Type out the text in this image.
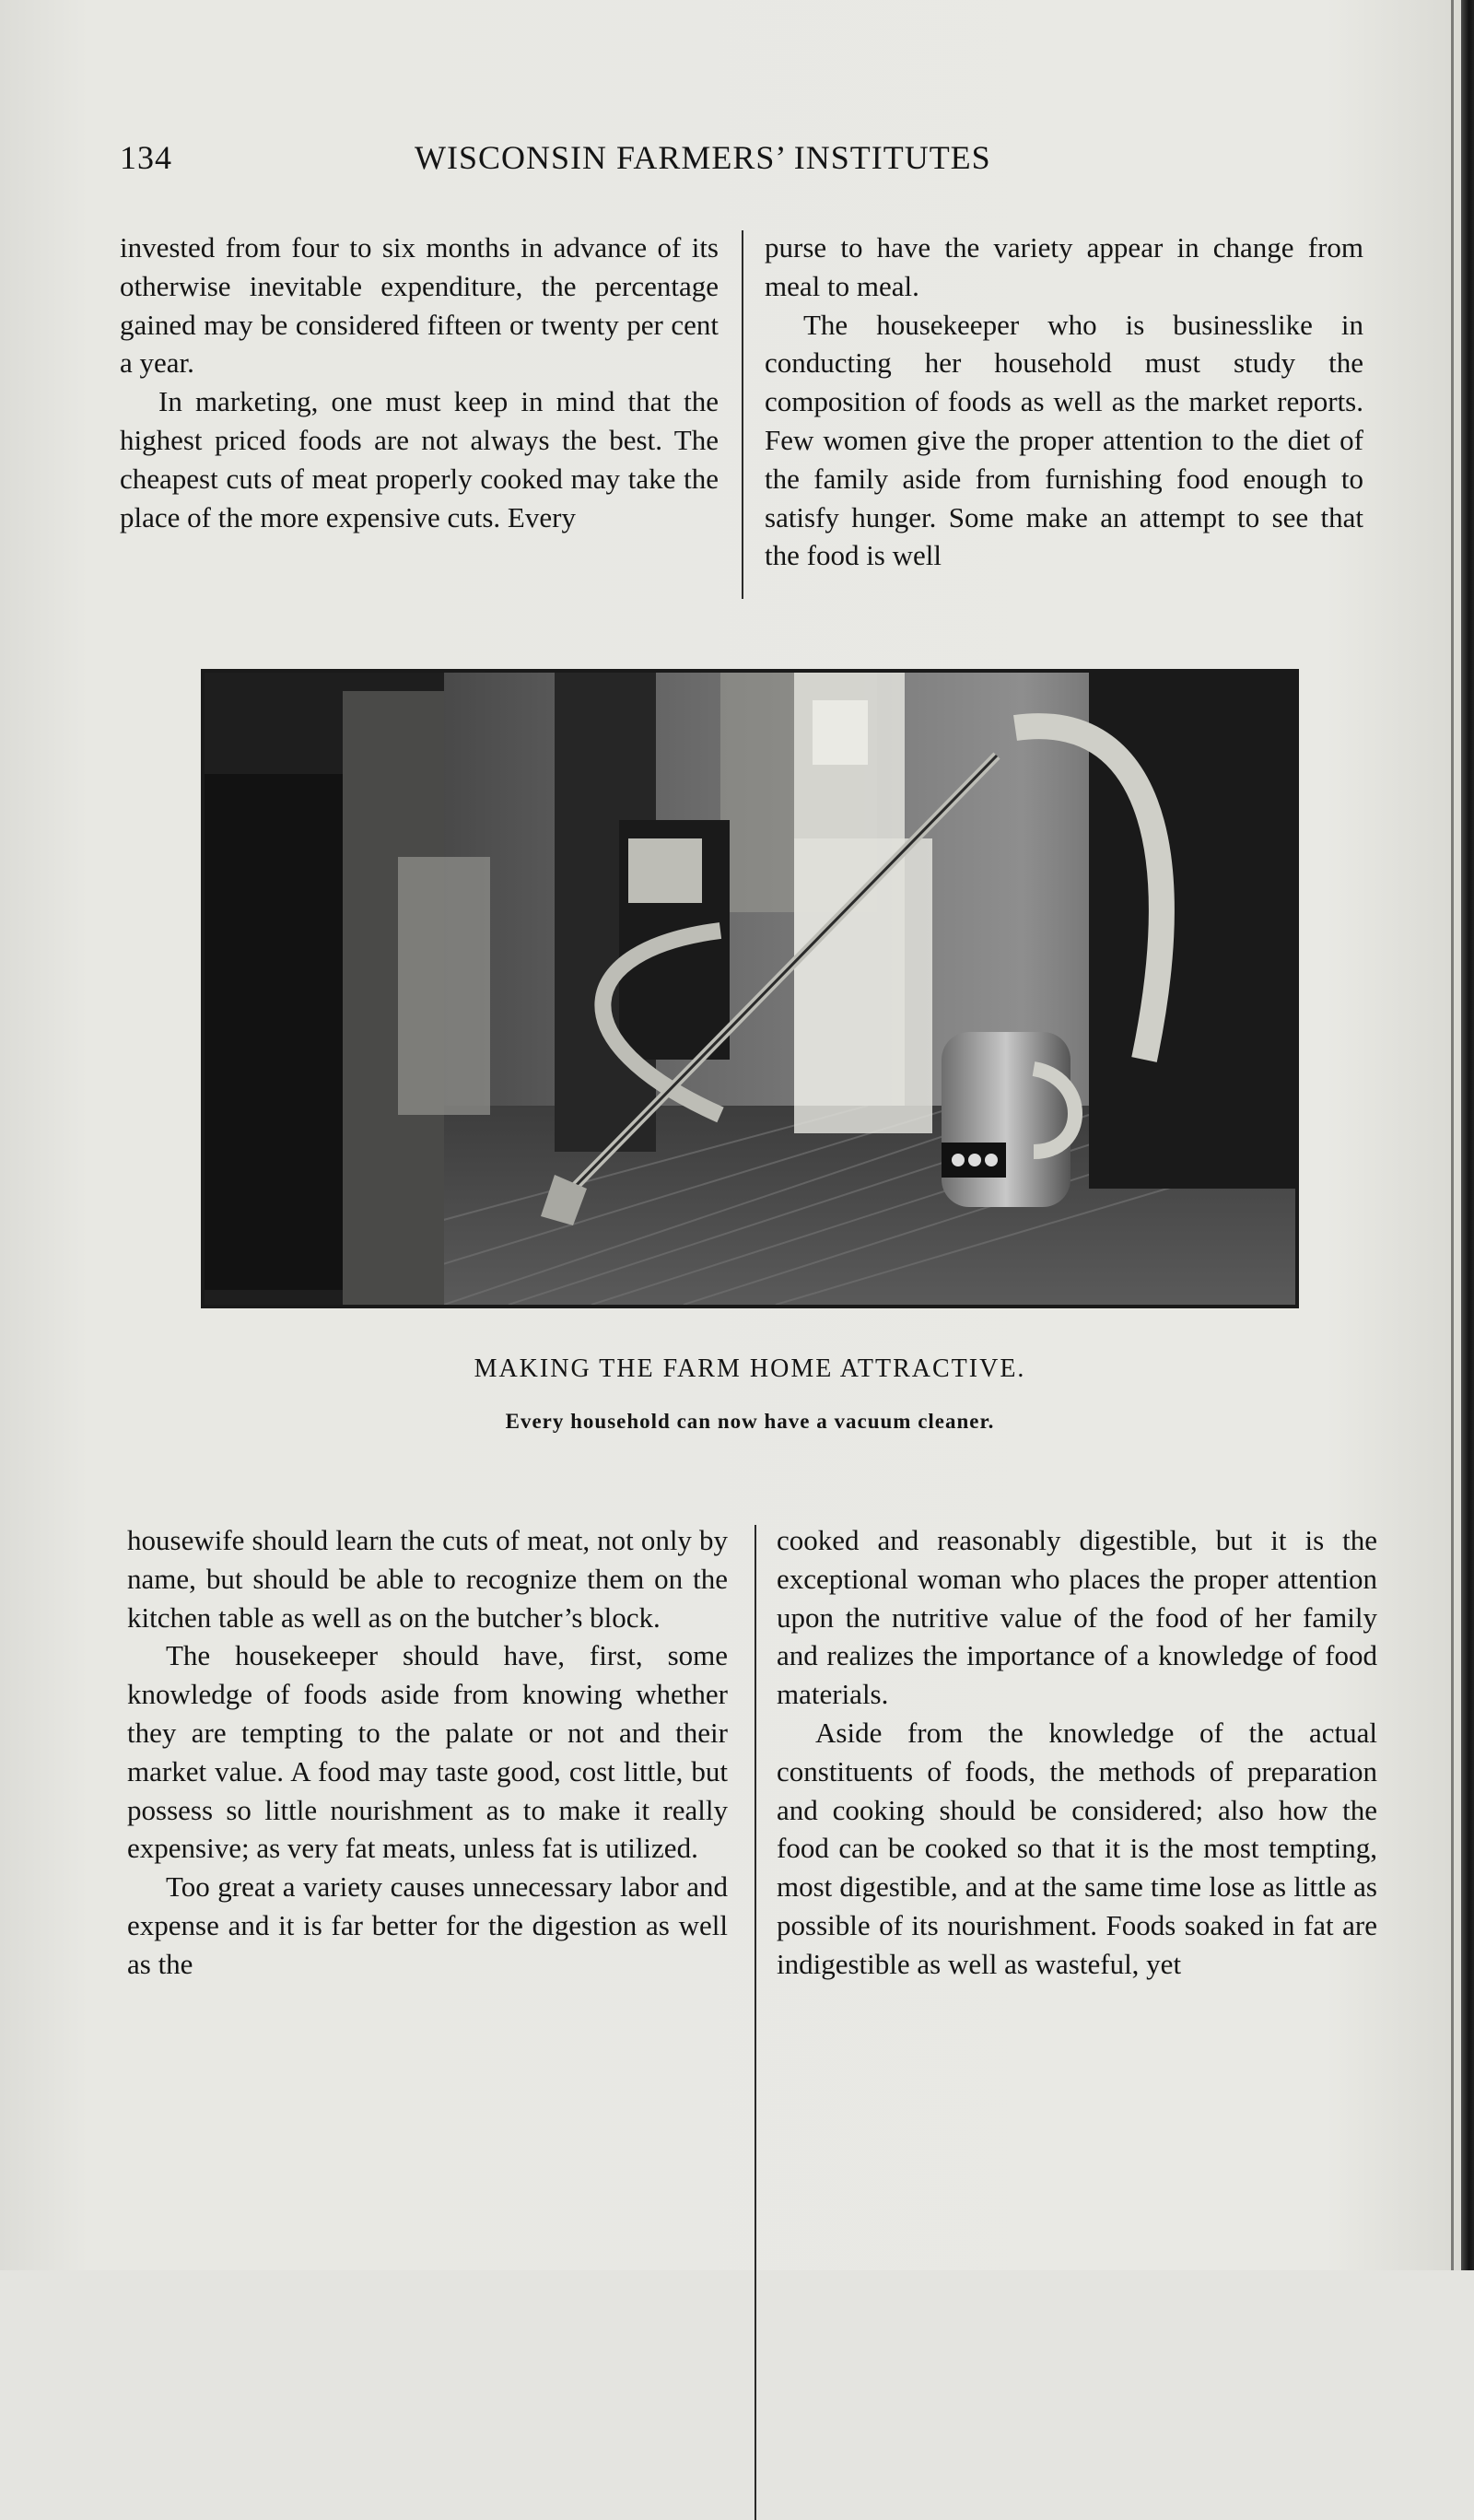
134	WISCONSIN FARMERS’ INSTITUTES

invested from four to six months in advance of its otherwise inevitable expenditure, the percentage gained may be considered fifteen or twenty per cent a year.

In marketing, one must keep in mind that the highest priced foods are not always the best. The cheapest cuts of meat properly cooked may take the place of the more expensive cuts. Every

purse to have the variety appear in change from meal to meal.

The housekeeper who is businesslike in conducting her household must study the composition of foods as well as the market reports. Few women give the proper attention to the diet of the family aside from furnishing food enough to satisfy hunger. Some make an attempt to see that the food is well

MAKING THE FARM HOME ATTRACTIVE.
Every household can now have a vacuum cleaner.

housewife should learn the cuts of meat, not only by name, but should be able to recognize them on the kitchen table as well as on the butcher’s block.

The housekeeper should have, first, some knowledge of foods aside from knowing whether they are tempting to the palate or not and their market value. A food may taste good, cost little, but possess so little nourishment as to make it really expensive; as very fat meats, unless fat is utilized.

Too great a variety causes unnecessary labor and expense and it is far better for the digestion as well as the

cooked and reasonably digestible, but it is the exceptional woman who places the proper attention upon the nutritive value of the food of her family and realizes the importance of a knowledge of food materials.

Aside from the knowledge of the actual constituents of foods, the methods of preparation and cooking should be considered; also how the food can be cooked so that it is the most tempting, most digestible, and at the same time lose as little as possible of its nourishment. Foods soaked in fat are indigestible as well as wasteful, yet
